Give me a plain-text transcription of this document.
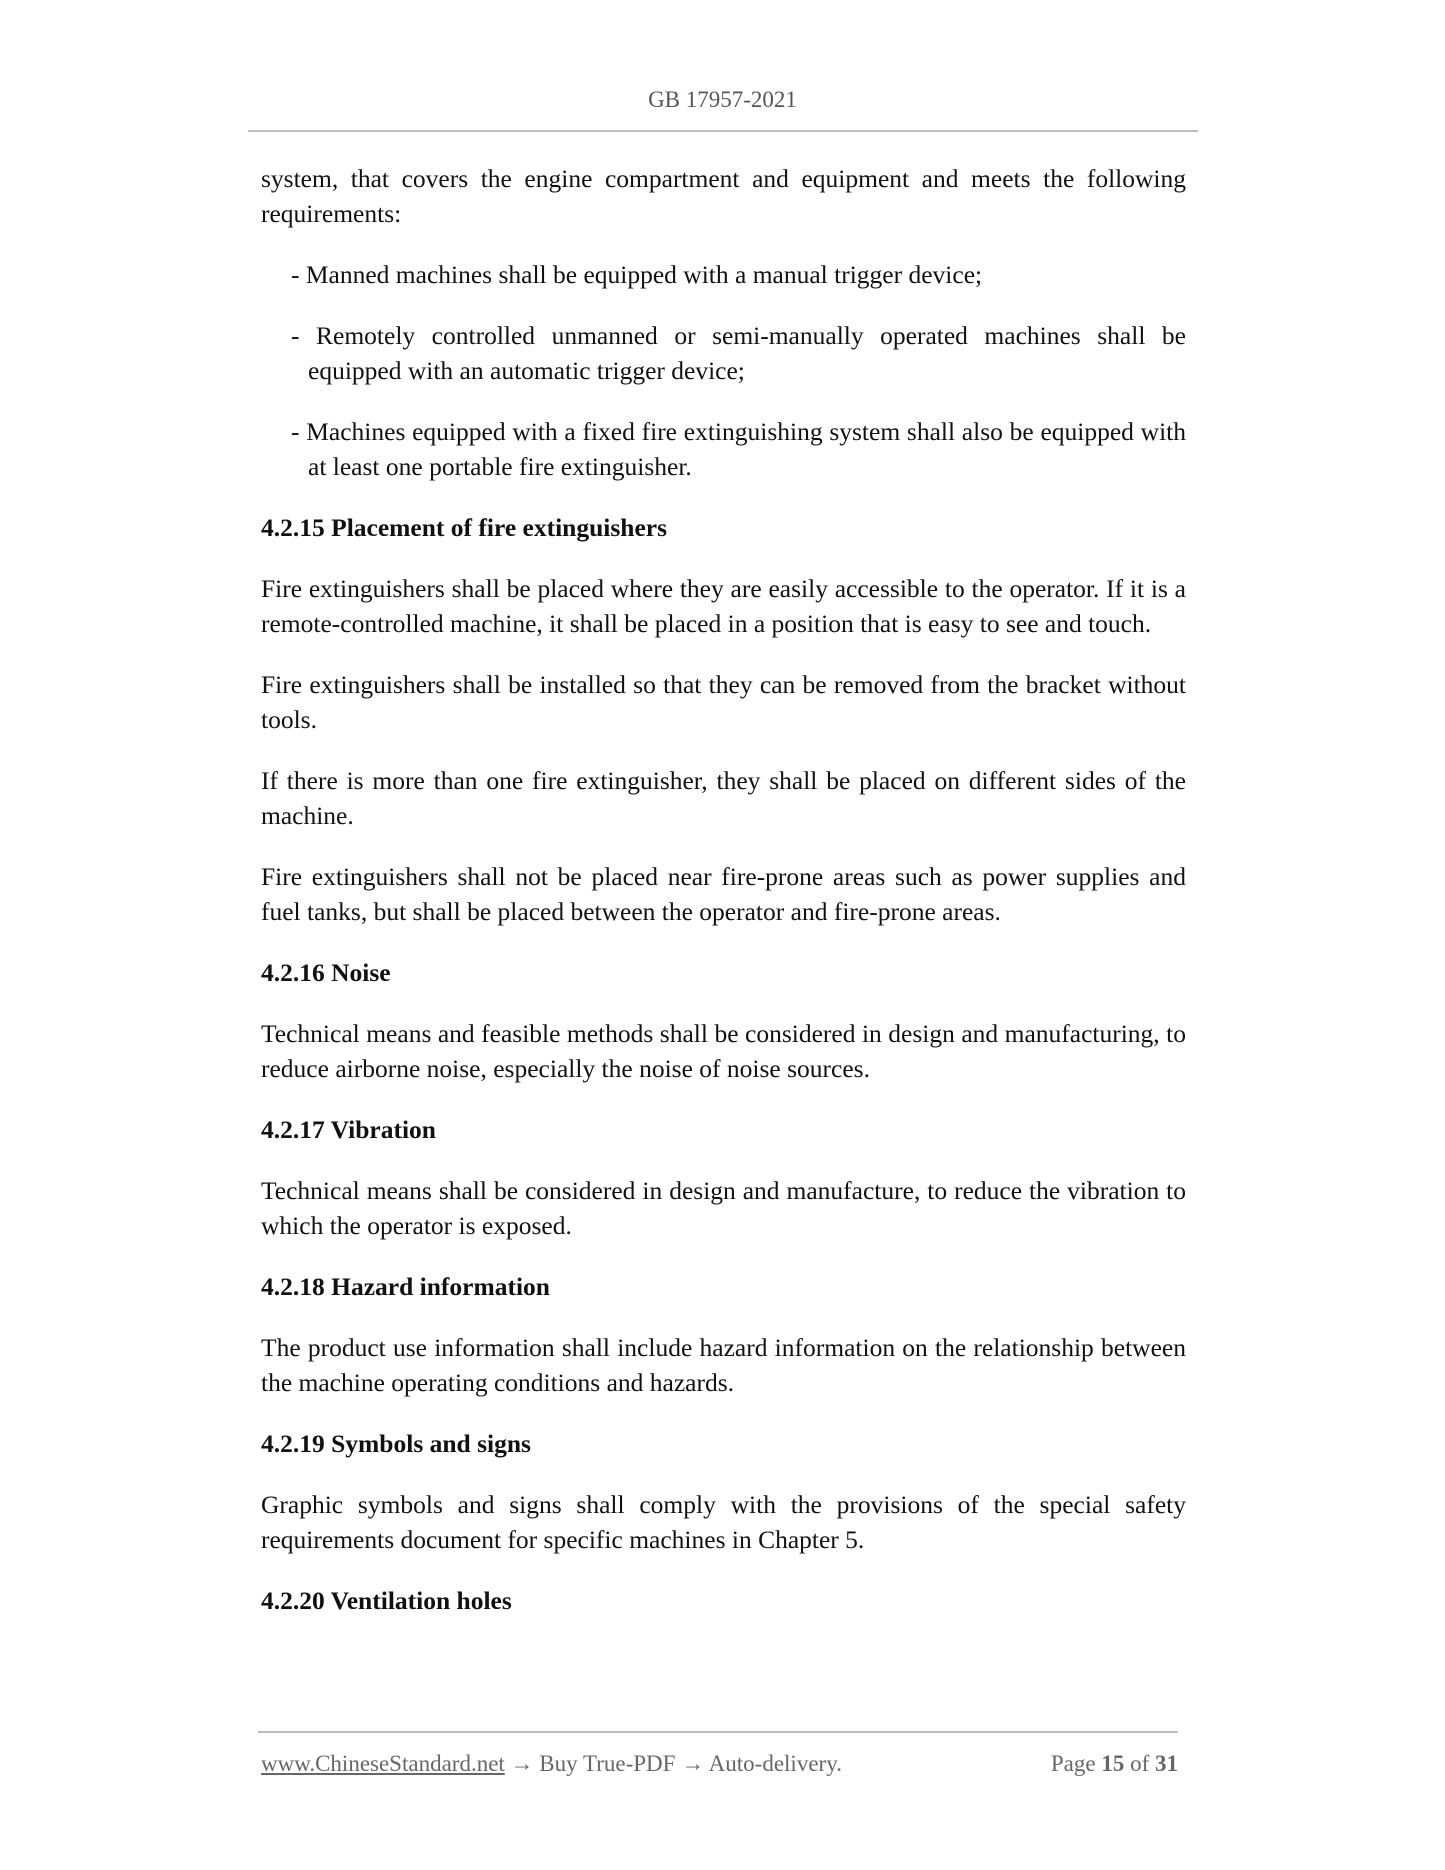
GB 17957-2021

system, that covers the engine compartment and equipment and meets the following requirements:

- Manned machines shall be equipped with a manual trigger device;

- Remotely controlled unmanned or semi-manually operated machines shall be equipped with an automatic trigger device;

- Machines equipped with a fixed fire extinguishing system shall also be equipped with at least one portable fire extinguisher.

4.2.15 Placement of fire extinguishers

Fire extinguishers shall be placed where they are easily accessible to the operator. If it is a remote-controlled machine, it shall be placed in a position that is easy to see and touch.

Fire extinguishers shall be installed so that they can be removed from the bracket without tools.

If there is more than one fire extinguisher, they shall be placed on different sides of the machine.

Fire extinguishers shall not be placed near fire-prone areas such as power supplies and fuel tanks, but shall be placed between the operator and fire-prone areas.

4.2.16 Noise

Technical means and feasible methods shall be considered in design and manufacturing, to reduce airborne noise, especially the noise of noise sources.

4.2.17 Vibration

Technical means shall be considered in design and manufacture, to reduce the vibration to which the operator is exposed.

4.2.18 Hazard information

The product use information shall include hazard information on the relationship between the machine operating conditions and hazards.

4.2.19 Symbols and signs

Graphic symbols and signs shall comply with the provisions of the special safety requirements document for specific machines in Chapter 5.

4.2.20 Ventilation holes

www.ChineseStandard.net → Buy True-PDF → Auto-delivery.	Page 15 of 31
